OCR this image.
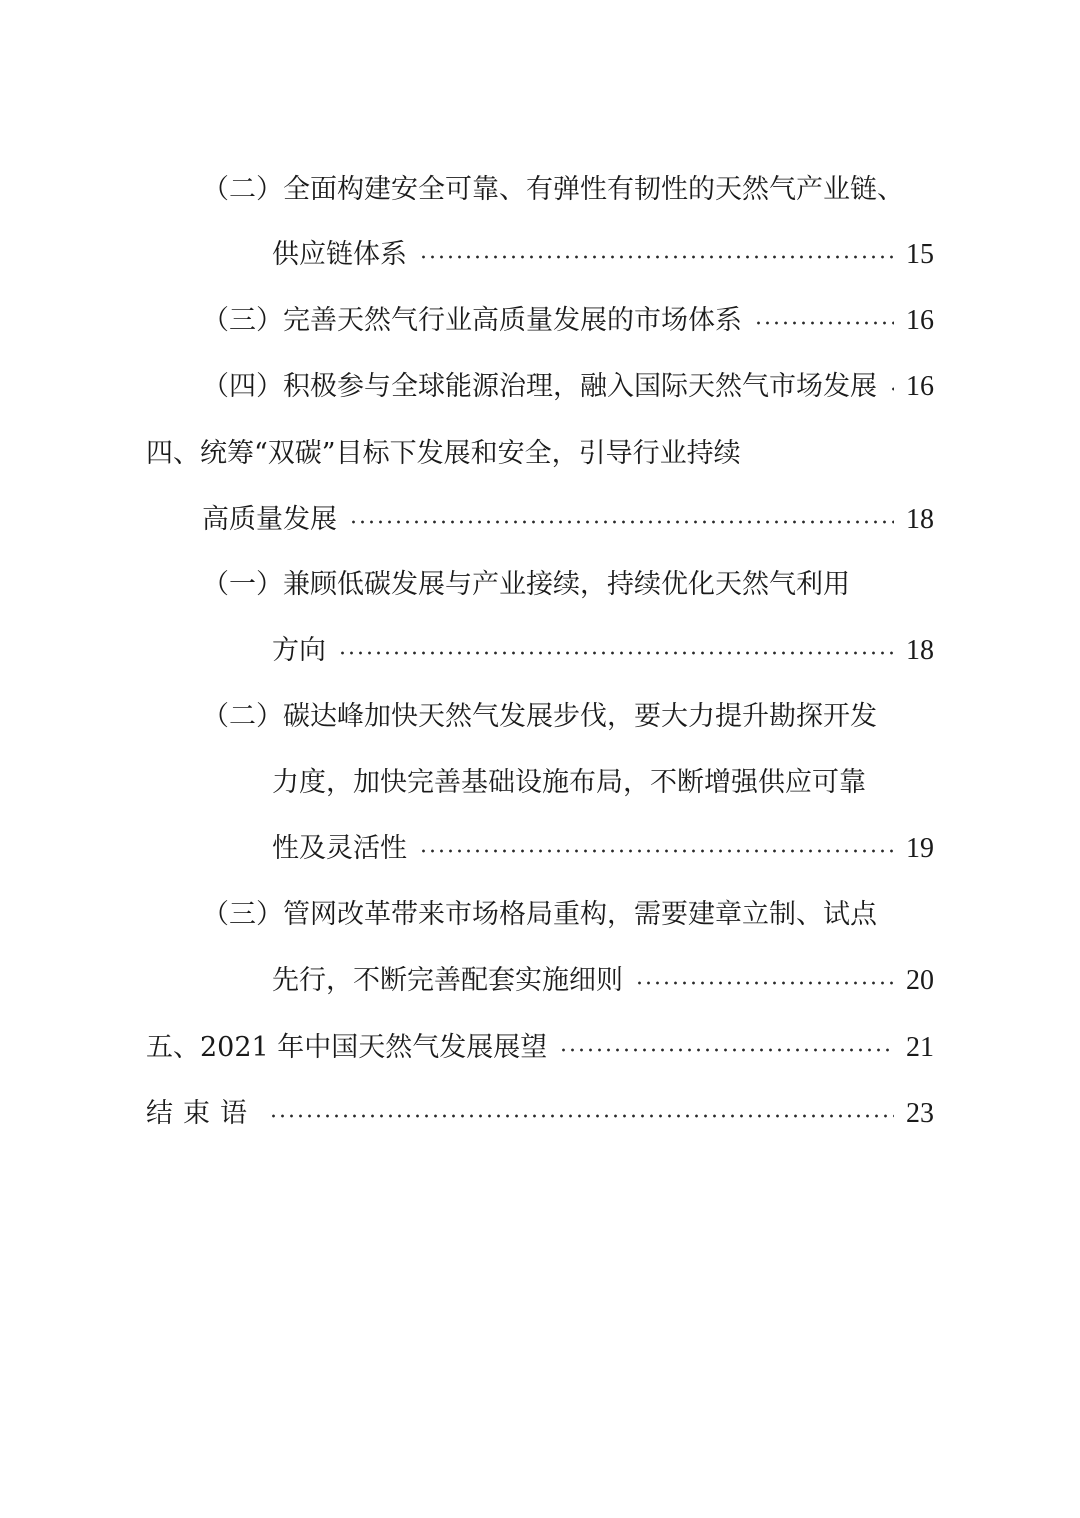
（二）全面构建安全可靠、有弹性有韧性的天然气产业链、
供应链体系	15
（三）完善天然气行业高质量发展的市场体系	16
（四）积极参与全球能源治理，融入国际天然气市场发展 16
四、统筹“双碳”目标下发展和安全，引导行业持续
高质量发展	18
（一）兼顾低碳发展与产业接续，持续优化天然气利用
方向	18
（二）碳达峰加快天然气发展步伐，要大力提升勘探开发
力度，加快完善基础设施布局，不断增强供应可靠
性及灵活性	19
（三）管网改革带来市场格局重构，需要建章立制、试点
先行，不断完善配套实施细则	20
五、2021 年中国天然气发展展望	21
结束语	23
